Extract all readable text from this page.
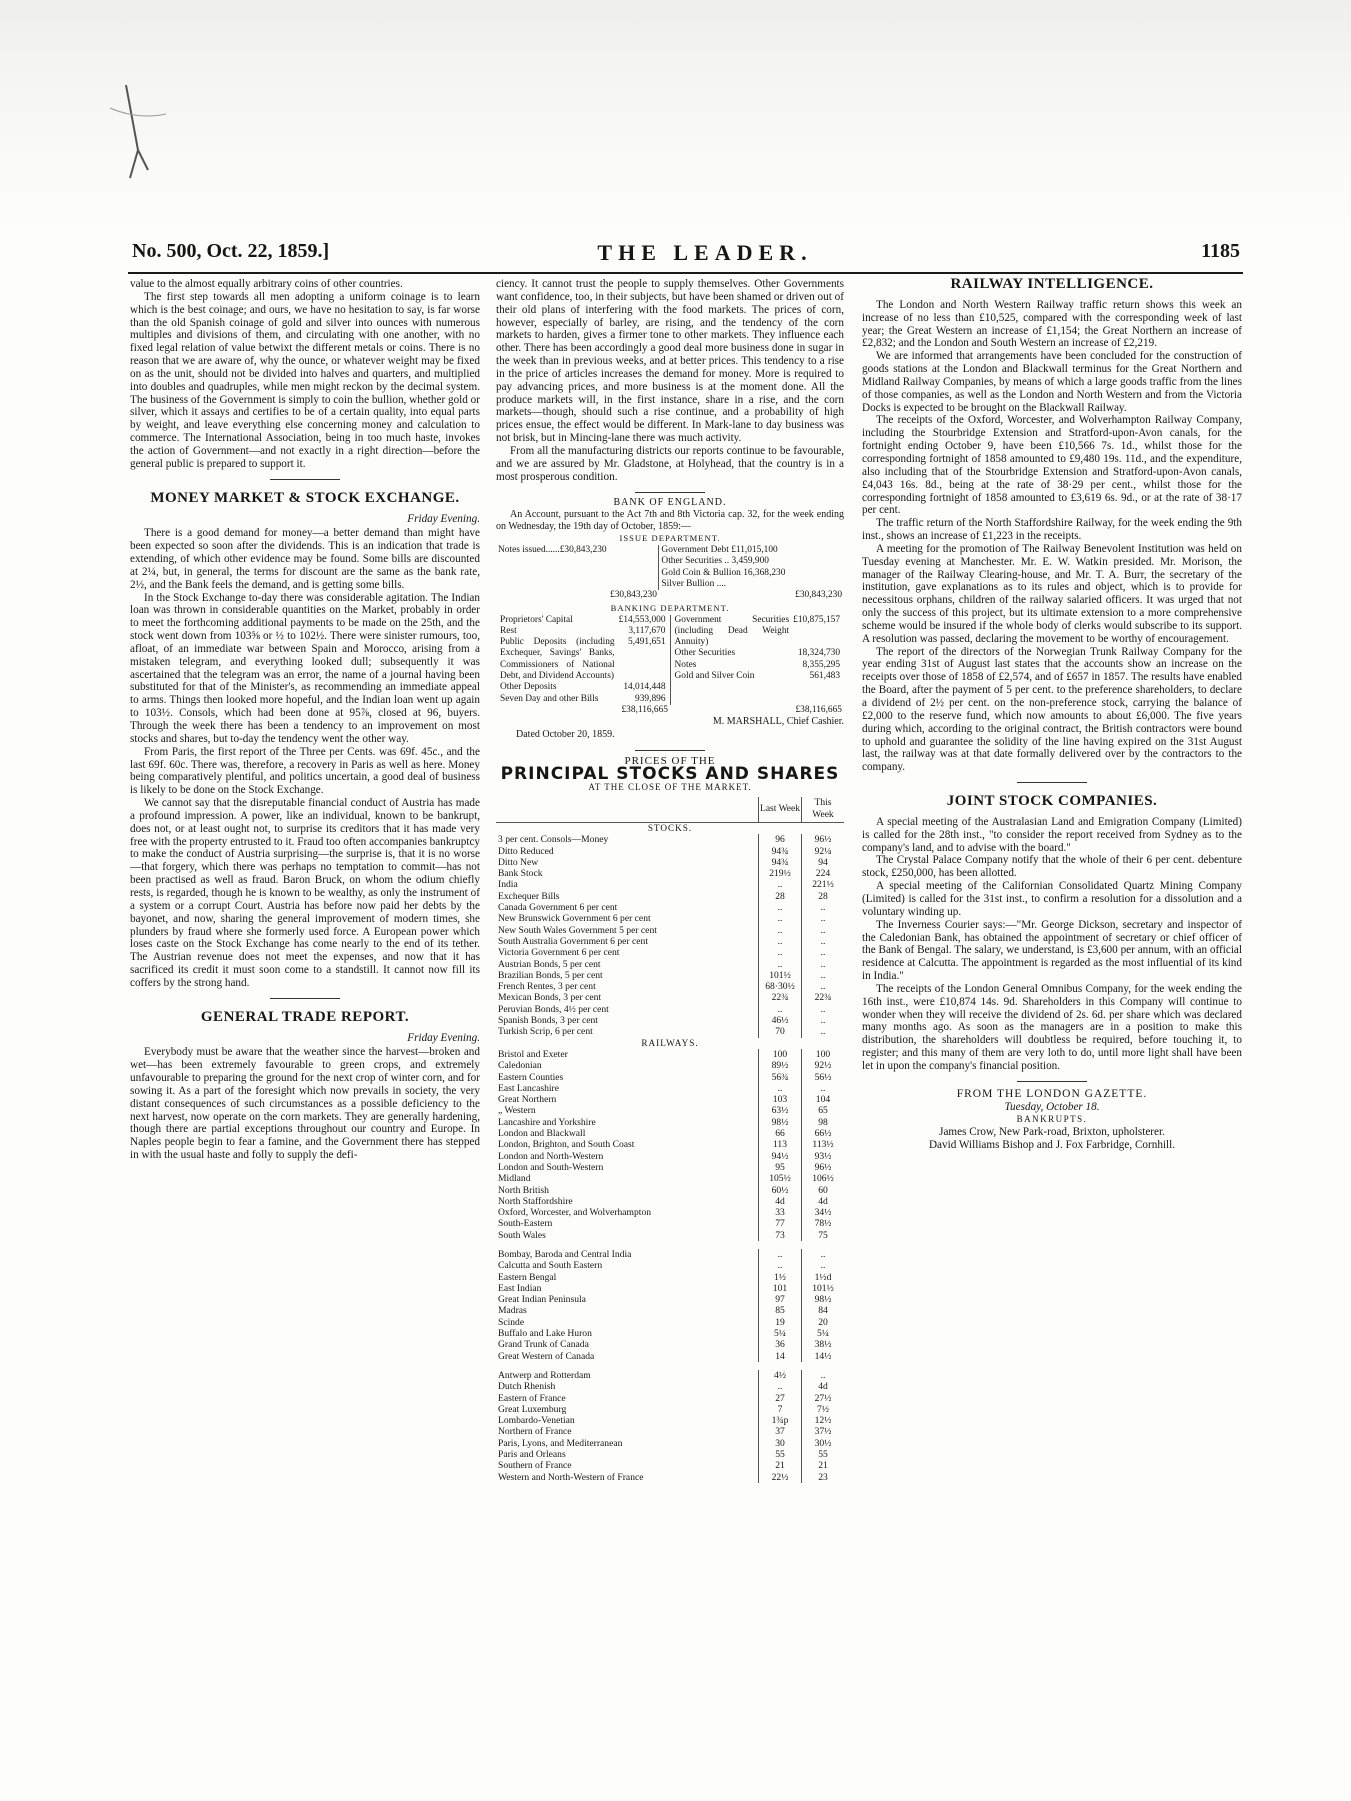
No. 500, Oct. 22, 1859.]	THE LEADER.	1185

value to the almost equally arbitrary coins of other countries.

The first step towards all men adopting a uniform coinage is to learn which is the best coinage; and ours, we have no hesitation to say, is far worse than the old Spanish coinage of gold and silver into ounces with numerous multiples and divisions of them, and circulating with one another, with no fixed legal relation of value betwixt the different metals or coins. There is no reason that we are aware of, why the ounce, or whatever weight may be fixed on as the unit, should not be divided into halves and quarters, and multiplied into doubles and quadruples, while men might reckon by the decimal system. The business of the Government is simply to coin the bullion, whether gold or silver, which it assays and certifies to be of a certain quality, into equal parts by weight, and leave everything else concerning money and calculation to commerce. The International Association, being in too much haste, invokes the action of Government—and not exactly in a right direction—before the general public is prepared to support it.

MONEY MARKET & STOCK EXCHANGE.
Friday Evening.

There is a good demand for money—a better demand than might have been expected so soon after the dividends. This is an indication that trade is extending, of which other evidence may be found. Some bills are discounted at 2¼, but, in general, the terms for discount are the same as the bank rate, 2½, and the Bank feels the demand, and is getting some bills.

In the Stock Exchange to-day there was considerable agitation. The Indian loan was thrown in considerable quantities on the Market, probably in order to meet the forthcoming additional payments to be made on the 25th, and the stock went down from 103⅝ or ½ to 102½. There were sinister rumours, too, afloat, of an immediate war between Spain and Morocco, arising from a mistaken telegram, and everything looked dull; subsequently it was ascertained that the telegram was an error, the name of a journal having been substituted for that of the Minister's, as recommending an immediate appeal to arms. Things then looked more hopeful, and the Indian loan went up again to 103½. Consols, which had been done at 95⅞, closed at 96, buyers. Through the week there has been a tendency to an improvement on most stocks and shares, but to-day the tendency went the other way.

From Paris, the first report of the Three per Cents. was 69f. 45c., and the last 69f. 60c. There was, therefore, a recovery in Paris as well as here. Money being comparatively plentiful, and politics uncertain, a good deal of business is likely to be done on the Stock Exchange.

We cannot say that the disreputable financial conduct of Austria has made a profound impression. A power, like an individual, known to be bankrupt, does not, or at least ought not, to surprise its creditors that it has made very free with the property entrusted to it. Fraud too often accompanies bankruptcy to make the conduct of Austria surprising—the surprise is, that it is no worse—that forgery, which there was perhaps no temptation to commit—has not been practised as well as fraud. Baron Bruck, on whom the odium chiefly rests, is regarded, though he is known to be wealthy, as only the instrument of a system or a corrupt Court. Austria has before now paid her debts by the bayonet, and now, sharing the general improvement of modern times, she plunders by fraud where she formerly used force. A European power which loses caste on the Stock Exchange has come nearly to the end of its tether. The Austrian revenue does not meet the expenses, and now that it has sacrificed its credit it must soon come to a standstill. It cannot now fill its coffers by the strong hand.

GENERAL TRADE REPORT.
Friday Evening.

Everybody must be aware that the weather since the harvest—broken and wet—has been extremely favourable to green crops, and extremely unfavourable to preparing the ground for the next crop of winter corn, and for sowing it. As a part of the foresight which now prevails in society, the very distant consequences of such circumstances as a possible deficiency to the next harvest, now operate on the corn markets. They are generally hardening, though there are partial exceptions throughout our country and Europe. In Naples people begin to fear a famine, and the Government there has stepped in with the usual haste and folly to supply the defi-

ciency. It cannot trust the people to supply themselves. Other Governments want confidence, too, in their subjects, but have been shamed or driven out of their old plans of interfering with the food markets. The prices of corn, however, especially of barley, are rising, and the tendency of the corn markets to harden, gives a firmer tone to other markets. They influence each other. There has been accordingly a good deal more business done in sugar in the week than in previous weeks, and at better prices. This tendency to a rise in the price of articles increases the demand for money. More is required to pay advancing prices, and more business is at the moment done. All the produce markets will, in the first instance, share in a rise, and the corn markets—though, should such a rise continue, and a probability of high prices ensue, the effect would be different. In Mark-lane to day business was not brisk, but in Mincing-lane there was much activity.

From all the manufacturing districts our reports continue to be favourable, and we are assured by Mr. Gladstone, at Holyhead, that the country is in a most prosperous condition.

BANK OF ENGLAND.

An Account, pursuant to the Act 7th and 8th Victoria cap. 32, for the week ending on Wednesday, the 19th day of October, 1859:—

ISSUE DEPARTMENT.
Notes issued......£30,843,230	Government Debt £11,015,100
	Other Securities .. 3,459,900
	Gold Coin & Bullion 16,368,230
	Silver Bullion ....
£30,843,230	£30,843,230
BANKING DEPARTMENT.
Proprietors' Capital	£14,553,000
Rest	3,117,670
Public Deposits (including Exchequer, Savings' Banks, Commissioners of National Debt, and Dividend Accounts)	5,491,651
Other Deposits	14,014,448
Seven Day and other Bills	939,896

Government Securities (including Dead Weight Annuity)	£10,875,157
Other Securities	18,324,730
Notes	8,355,295
Gold and Silver Coin	561,483

£38,116,665	£38,116,665
M. MARSHALL, Chief Cashier.
Dated October 20, 1859.
PRICES OF THE
PRINCIPAL STOCKS AND SHARES
AT THE CLOSE OF THE MARKET.
	Last Week	This Week
STOCKS.		
3 per cent. Consols—Money	96	96½
Ditto Reduced	94¾	92¼
Ditto New	94¾	94
Bank Stock	219½	224
India	..	221½
Exchequer Bills	28	28
Canada Government 6 per cent	..	..
New Brunswick Government 6 per cent	..	..
New South Wales Government 5 per cent	..	..
South Australia Government 6 per cent	..	..
Victoria Government 6 per cent	..	..
Austrian Bonds, 5 per cent	..	..
Brazilian Bonds, 5 per cent	101½	..
French Rentes, 3 per cent	68·30½	..
Mexican Bonds, 3 per cent	22¾	22¾
Peruvian Bonds, 4½ per cent	..	..
Spanish Bonds, 3 per cent	46½	..
Turkish Scrip, 6 per cent	70	..
RAILWAYS.		
Bristol and Exeter	100	100
Caledonian	89½	92½
Eastern Counties	56¾	56½
East Lancashire	..	..
Great Northern	103	104
„ Western	63½	65
Lancashire and Yorkshire	98½	98
London and Blackwall	66	66½
London, Brighton, and South Coast	113	113½
London and North-Western	94½	93½
London and South-Western	95	96½
Midland	105½	106½
North British	60½	60
North Staffordshire	4d	4d
Oxford, Worcester, and Wolverhampton	33	34½
South-Eastern	77	78½
South Wales	73	75

Bombay, Baroda and Central India	..	..
Calcutta and South Eastern	..	..
Eastern Bengal	1½	1½d
East Indian	101	101½
Great Indian Peninsula	97	98½
Madras	85	84
Scinde	19	20
Buffalo and Lake Huron	5¼	5¼
Grand Trunk of Canada	36	38½
Great Western of Canada	14	14½

Antwerp and Rotterdam	4½	..
Dutch Rhenish	..	4d
Eastern of France	27	27½
Great Luxemburg	7	7½
Lombardo-Venetian	1¾p	12½
Northern of France	37	37½
Paris, Lyons, and Mediterranean	30	30½
Paris and Orleans	55	55
Southern of France	21	21
Western and North-Western of France	22½	23
RAILWAY INTELLIGENCE.

The London and North Western Railway traffic return shows this week an increase of no less than £10,525, compared with the corresponding week of last year; the Great Western an increase of £1,154; the Great Northern an increase of £2,832; and the London and South Western an increase of £2,219.

We are informed that arrangements have been concluded for the construction of goods stations at the London and Blackwall terminus for the Great Northern and Midland Railway Companies, by means of which a large goods traffic from the lines of those companies, as well as the London and North Western and from the Victoria Docks is expected to be brought on the Blackwall Railway.

The receipts of the Oxford, Worcester, and Wolverhampton Railway Company, including the Stourbridge Extension and Stratford-upon-Avon canals, for the fortnight ending October 9, have been £10,566 7s. 1d., whilst those for the corresponding fortnight of 1858 amounted to £9,480 19s. 11d., and the expenditure, also including that of the Stourbridge Extension and Stratford-upon-Avon canals, £4,043 16s. 8d., being at the rate of 38·29 per cent., whilst those for the corresponding fortnight of 1858 amounted to £3,619 6s. 9d., or at the rate of 38·17 per cent.

The traffic return of the North Staffordshire Railway, for the week ending the 9th inst., shows an increase of £1,223 in the receipts.

A meeting for the promotion of The Railway Benevolent Institution was held on Tuesday evening at Manchester. Mr. E. W. Watkin presided. Mr. Morison, the manager of the Railway Clearing-house, and Mr. T. A. Burr, the secretary of the institution, gave explanations as to its rules and object, which is to provide for necessitous orphans, children of the railway salaried officers. It was urged that not only the success of this project, but its ultimate extension to a more comprehensive scheme would be insured if the whole body of clerks would subscribe to its support. A resolution was passed, declaring the movement to be worthy of encouragement.

The report of the directors of the Norwegian Trunk Railway Company for the year ending 31st of August last states that the accounts show an increase on the receipts over those of 1858 of £2,574, and of £657 in 1857. The results have enabled the Board, after the payment of 5 per cent. to the preference shareholders, to declare a dividend of 2½ per cent. on the non-preference stock, carrying the balance of £2,000 to the reserve fund, which now amounts to about £6,000. The five years during which, according to the original contract, the British contractors were bound to uphold and guarantee the solidity of the line having expired on the 31st August last, the railway was at that date formally delivered over by the contractors to the company.

JOINT STOCK COMPANIES.

A special meeting of the Australasian Land and Emigration Company (Limited) is called for the 28th inst., "to consider the report received from Sydney as to the company's land, and to advise with the board."

The Crystal Palace Company notify that the whole of their 6 per cent. debenture stock, £250,000, has been allotted.

A special meeting of the Californian Consolidated Quartz Mining Company (Limited) is called for the 31st inst., to confirm a resolution for a dissolution and a voluntary winding up.

The Inverness Courier says:—"Mr. George Dickson, secretary and inspector of the Caledonian Bank, has obtained the appointment of secretary or chief officer of the Bank of Bengal. The salary, we understand, is £3,600 per annum, with an official residence at Calcutta. The appointment is regarded as the most influential of its kind in India."

The receipts of the London General Omnibus Company, for the week ending the 16th inst., were £10,874 14s. 9d. Shareholders in this Company will continue to wonder when they will receive the dividend of 2s. 6d. per share which was declared many months ago. As soon as the managers are in a position to make this distribution, the shareholders will doubtless be required, before touching it, to register; and this many of them are very loth to do, until more light shall have been let in upon the company's financial position.

FROM THE LONDON GAZETTE.
Tuesday, October 18.
BANKRUPTS.
James Crow, New Park-road, Brixton, upholsterer.
David Williams Bishop and J. Fox Farbridge, Cornhill.
